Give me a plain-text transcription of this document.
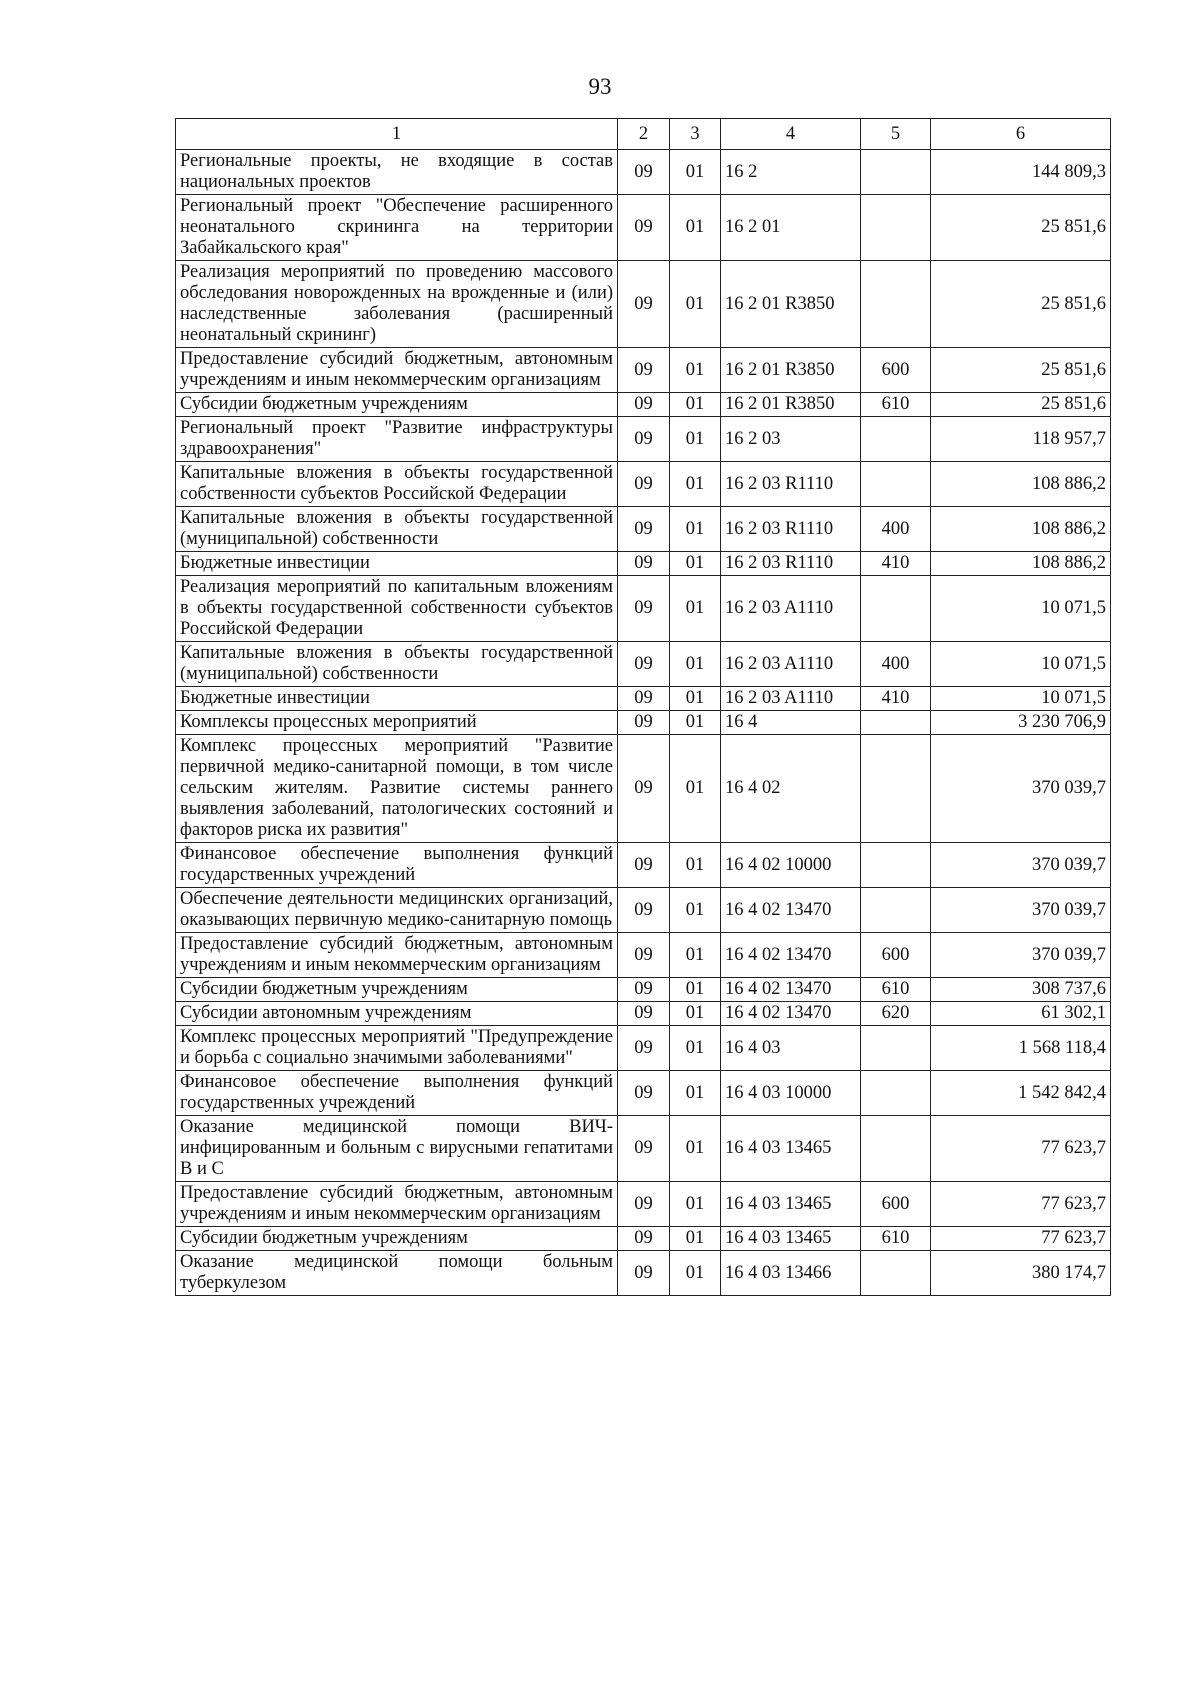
93
1	2	3	4	5	6
Региональные проекты, не входящие в состав национальных проектов	09	01	16 2		144 809,3
Региональный проект "Обеспечение расширенного неонатального скрининга на территории Забайкальского края"	09	01	16 2 01		25 851,6
Реализация мероприятий по проведению массового обследования новорожденных на врожденные и (или) наследственные заболевания (расширенный неонатальный скрининг)	09	01	16 2 01 R3850		25 851,6
Предоставление субсидий бюджетным, автономным учреждениям и иным некоммерческим организациям	09	01	16 2 01 R3850	600	25 851,6
Субсидии бюджетным учреждениям	09	01	16 2 01 R3850	610	25 851,6
Региональный проект "Развитие инфраструктуры здравоохранения"	09	01	16 2 03		118 957,7
Капитальные вложения в объекты государственной собственности субъектов Российской Федерации	09	01	16 2 03 R1110		108 886,2
Капитальные вложения в объекты государственной (муниципальной) собственности	09	01	16 2 03 R1110	400	108 886,2
Бюджетные инвестиции	09	01	16 2 03 R1110	410	108 886,2
Реализация мероприятий по капитальным вложениям в объекты государственной собственности субъектов Российской Федерации	09	01	16 2 03 A1110		10 071,5
Капитальные вложения в объекты государственной (муниципальной) собственности	09	01	16 2 03 A1110	400	10 071,5
Бюджетные инвестиции	09	01	16 2 03 A1110	410	10 071,5
Комплексы процессных мероприятий	09	01	16 4		3 230 706,9
Комплекс процессных мероприятий "Развитие первичной медико-санитарной помощи, в том числе сельским жителям. Развитие системы раннего выявления заболеваний, патологических состояний и факторов риска их развития"	09	01	16 4 02		370 039,7
Финансовое обеспечение выполнения функций государственных учреждений	09	01	16 4 02 10000		370 039,7
Обеспечение деятельности медицинских организаций, оказывающих первичную медико-санитарную помощь	09	01	16 4 02 13470		370 039,7
Предоставление субсидий бюджетным, автономным учреждениям и иным некоммерческим организациям	09	01	16 4 02 13470	600	370 039,7
Субсидии бюджетным учреждениям	09	01	16 4 02 13470	610	308 737,6
Субсидии автономным учреждениям	09	01	16 4 02 13470	620	61 302,1
Комплекс процессных мероприятий "Предупреждение и борьба с социально значимыми заболеваниями"	09	01	16 4 03		1 568 118,4
Финансовое обеспечение выполнения функций государственных учреждений	09	01	16 4 03 10000		1 542 842,4
Оказание медицинской помощи ВИЧ-инфицированным и больным с вирусными гепатитами В и С	09	01	16 4 03 13465		77 623,7
Предоставление субсидий бюджетным, автономным учреждениям и иным некоммерческим организациям	09	01	16 4 03 13465	600	77 623,7
Субсидии бюджетным учреждениям	09	01	16 4 03 13465	610	77 623,7
Оказание медицинской помощи больным туберкулезом	09	01	16 4 03 13466		380 174,7
